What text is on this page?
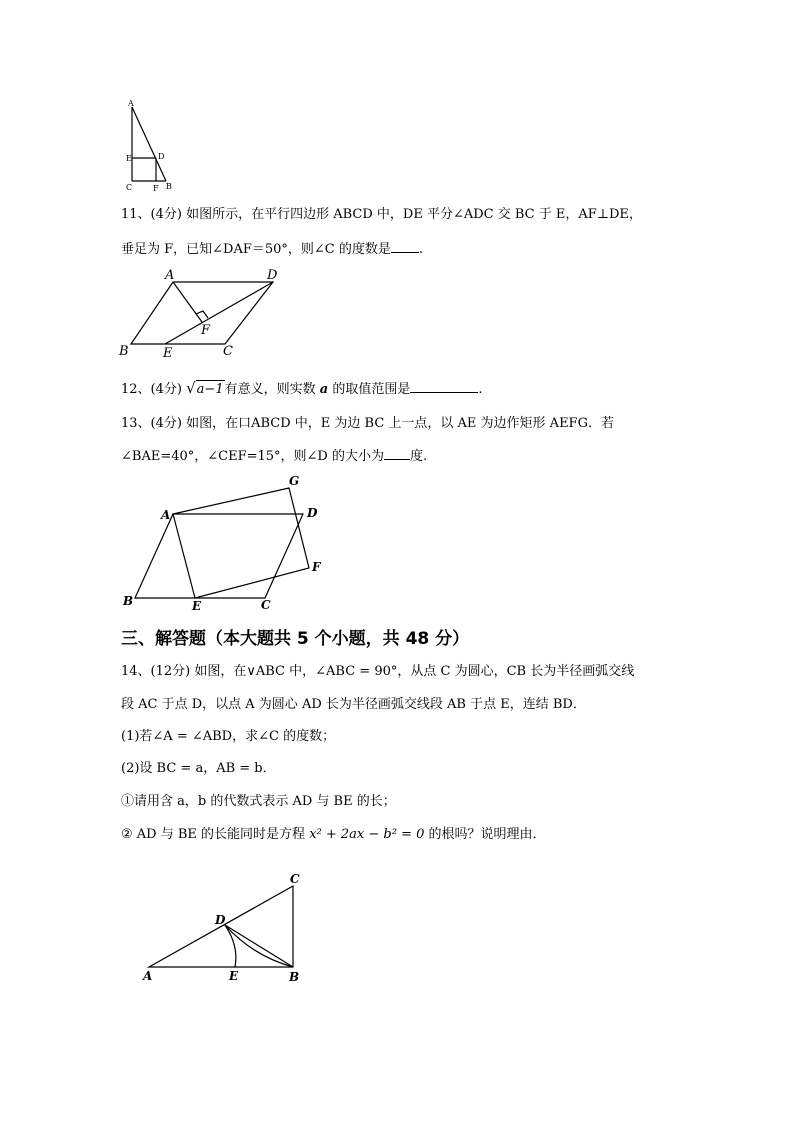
A
E	D
C	F B
11、(4分) 如图所示，在平行四边形 ABCD 中，DE 平分∠ADC 交 BC 于 E，AF⊥DE，
垂足为 F，已知∠DAF＝50°，则∠C 的度数是 .
A	D
F
B	E	C
12、(4分) √a−1有意义，则实数 a 的取值范围是	.
13、(4分) 如图，在口ABCD 中，E 为边 BC 上一点，以 AE 为边作矩形 AEFG．若
∠BAE=40°，∠CEF=15°，则∠D 的大小为 度.
A
G
D
F
B	E	C
三、解答题（本大题共 5 个小题，共 48 分）
14、(12分) 如图，在∨ABC 中，∠ABC = 90°，从点 C 为圆心，CB 长为半径画弧交线
段 AC 于点 D，以点 A 为圆心 AD 长为半径画弧交线段 AB 于点 E，连结 BD．
(1)若∠A = ∠ABD，求∠C 的度数；
(2)设 BC = a，AB = b．
①请用含 a，b 的代数式表示 AD 与 BE 的长；
② AD 与 BE 的长能同时是方程 x² + 2ax − b² = 0 的根吗？说明理由．
C
D
A	E	B
